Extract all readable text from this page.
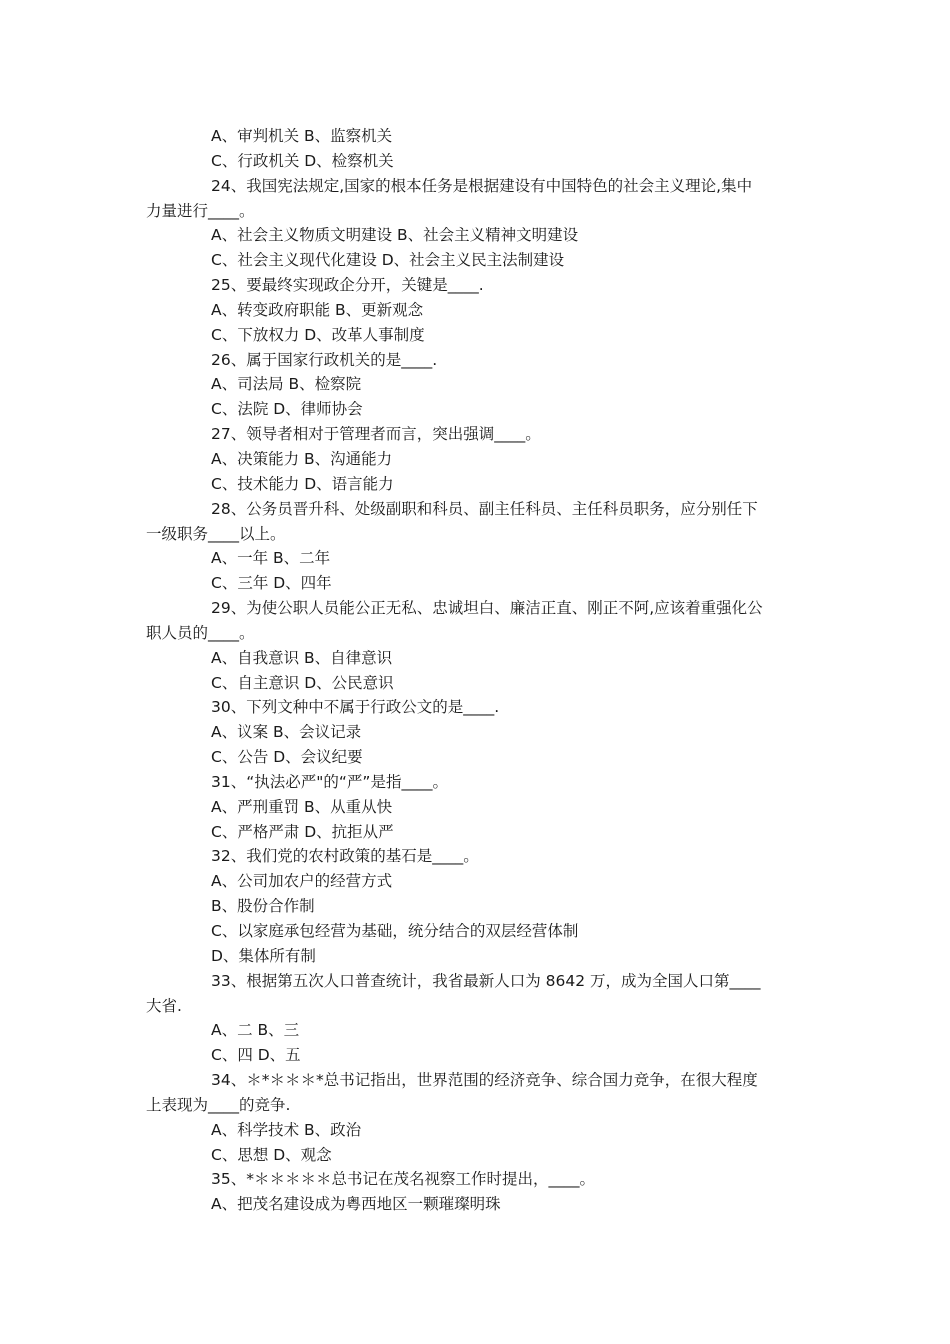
A、审判机关 B、监察机关
C、行政机关 D、检察机关
24、我国宪法规定,国家的根本任务是根据建设有中国特色的社会主义理论,集中
力量进行____。
A、社会主义物质文明建设 B、社会主义精神文明建设
C、社会主义现代化建设 D、社会主义民主法制建设
25、要最终实现政企分开，关键是____.
A、转变政府职能 B、更新观念
C、下放权力 D、改革人事制度
26、属于国家行政机关的是____.
A、司法局 B、检察院
C、法院 D、律师协会
27、领导者相对于管理者而言，突出强调____。
A、决策能力 B、沟通能力
C、技术能力 D、语言能力
28、公务员晋升科、处级副职和科员、副主任科员、主任科员职务，应分别任下
一级职务____以上。
A、一年 B、二年
C、三年 D、四年
29、为使公职人员能公正无私、忠诚坦白、廉洁正直、刚正不阿,应该着重强化公
职人员的____。
A、自我意识 B、自律意识
C、自主意识 D、公民意识
30、下列文种中不属于行政公文的是____.
A、议案 B、会议记录
C、公告 D、会议纪要
31、“执法必严"的“严”是指____。
A、严刑重罚 B、从重从快
C、严格严肃 D、抗拒从严
32、我们党的农村政策的基石是____。
A、公司加农户的经营方式
B、股份合作制
C、以家庭承包经营为基础，统分结合的双层经营体制
D、集体所有制
33、根据第五次人口普查统计，我省最新人口为 8642 万，成为全国人口第____
大省.
A、二 B、三
C、四 D、五
34、＊*＊＊＊*总书记指出，世界范围的经济竞争、综合国力竞争，在很大程度
上表现为____的竞争.
A、科学技术 B、政治
C、思想 D、观念
35、*＊＊＊＊＊总书记在茂名视察工作时提出，____。
A、把茂名建设成为粤西地区一颗璀璨明珠
